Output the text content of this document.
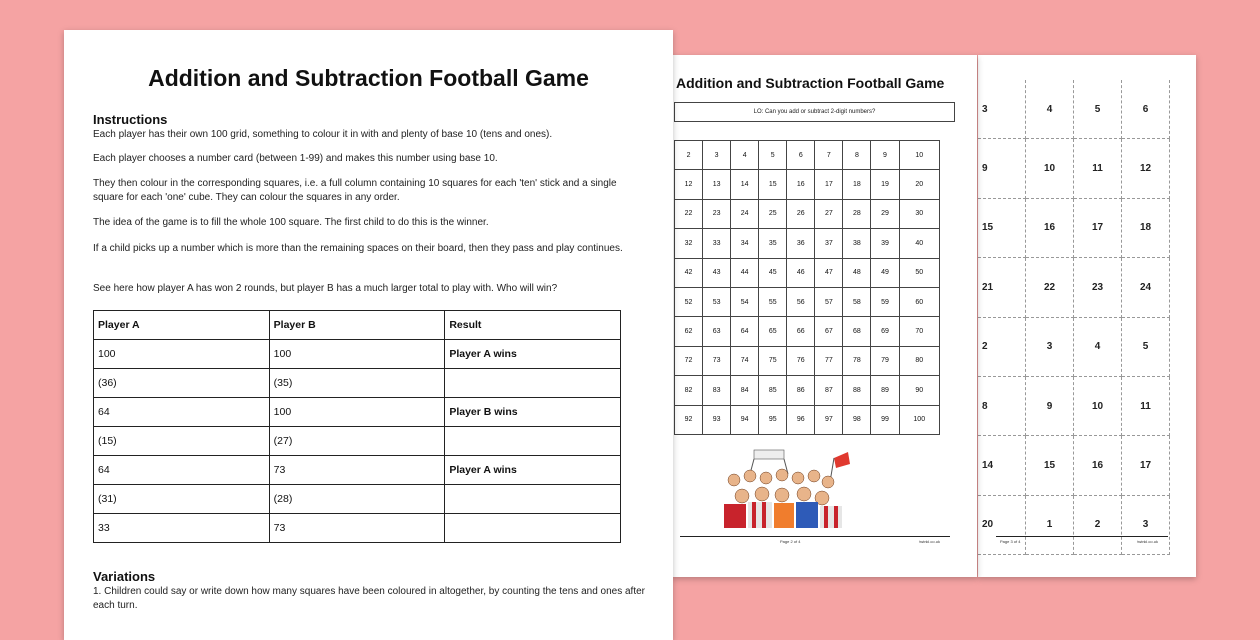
3	4	5	6
9	10	11	12
15	16	17	18
21	22	23	24
2	3	4	5
8	9	10	11
14	15	16	17
20	1	2	3
Page 3 of 4	twinkl.co.uk
Addition and Subtraction Football Game
LO: Can you add or subtract 2-digit numbers?
2	3	4	5	6	7	8	9	10
12	13	14	15	16	17	18	19	20
22	23	24	25	26	27	28	29	30
32	33	34	35	36	37	38	39	40
42	43	44	45	46	47	48	49	50
52	53	54	55	56	57	58	59	60
62	63	64	65	66	67	68	69	70
72	73	74	75	76	77	78	79	80
82	83	84	85	86	87	88	89	90
92	93	94	95	96	97	98	99	100
Page 2 of 4	twinkl.co.uk
Addition and Subtraction Football Game
Instructions
Each player has their own 100 grid, something to colour it in with and plenty of base 10 (tens and ones).
Each player chooses a number card (between 1-99) and makes this number using base 10.
They then colour in the corresponding squares, i.e. a full column containing 10 squares for each 'ten' stick and a single square for each 'one' cube. They can colour the squares in any order.
The idea of the game is to fill the whole 100 square. The first child to do this is the winner.
If a child picks up a number which is more than the remaining spaces on their board, then they pass and play continues.
See here how player A has won 2 rounds, but player B has a much larger total to play with. Who will win?
Player A	Player B	Result
100	100	Player A wins
(36)	(35)	
64	100	Player B wins
(15)	(27)	
64	73	Player A wins
(31)	(28)	
33	73	
Variations
1. Children could say or write down how many squares have been coloured in altogether, by counting the tens and ones after each turn.
